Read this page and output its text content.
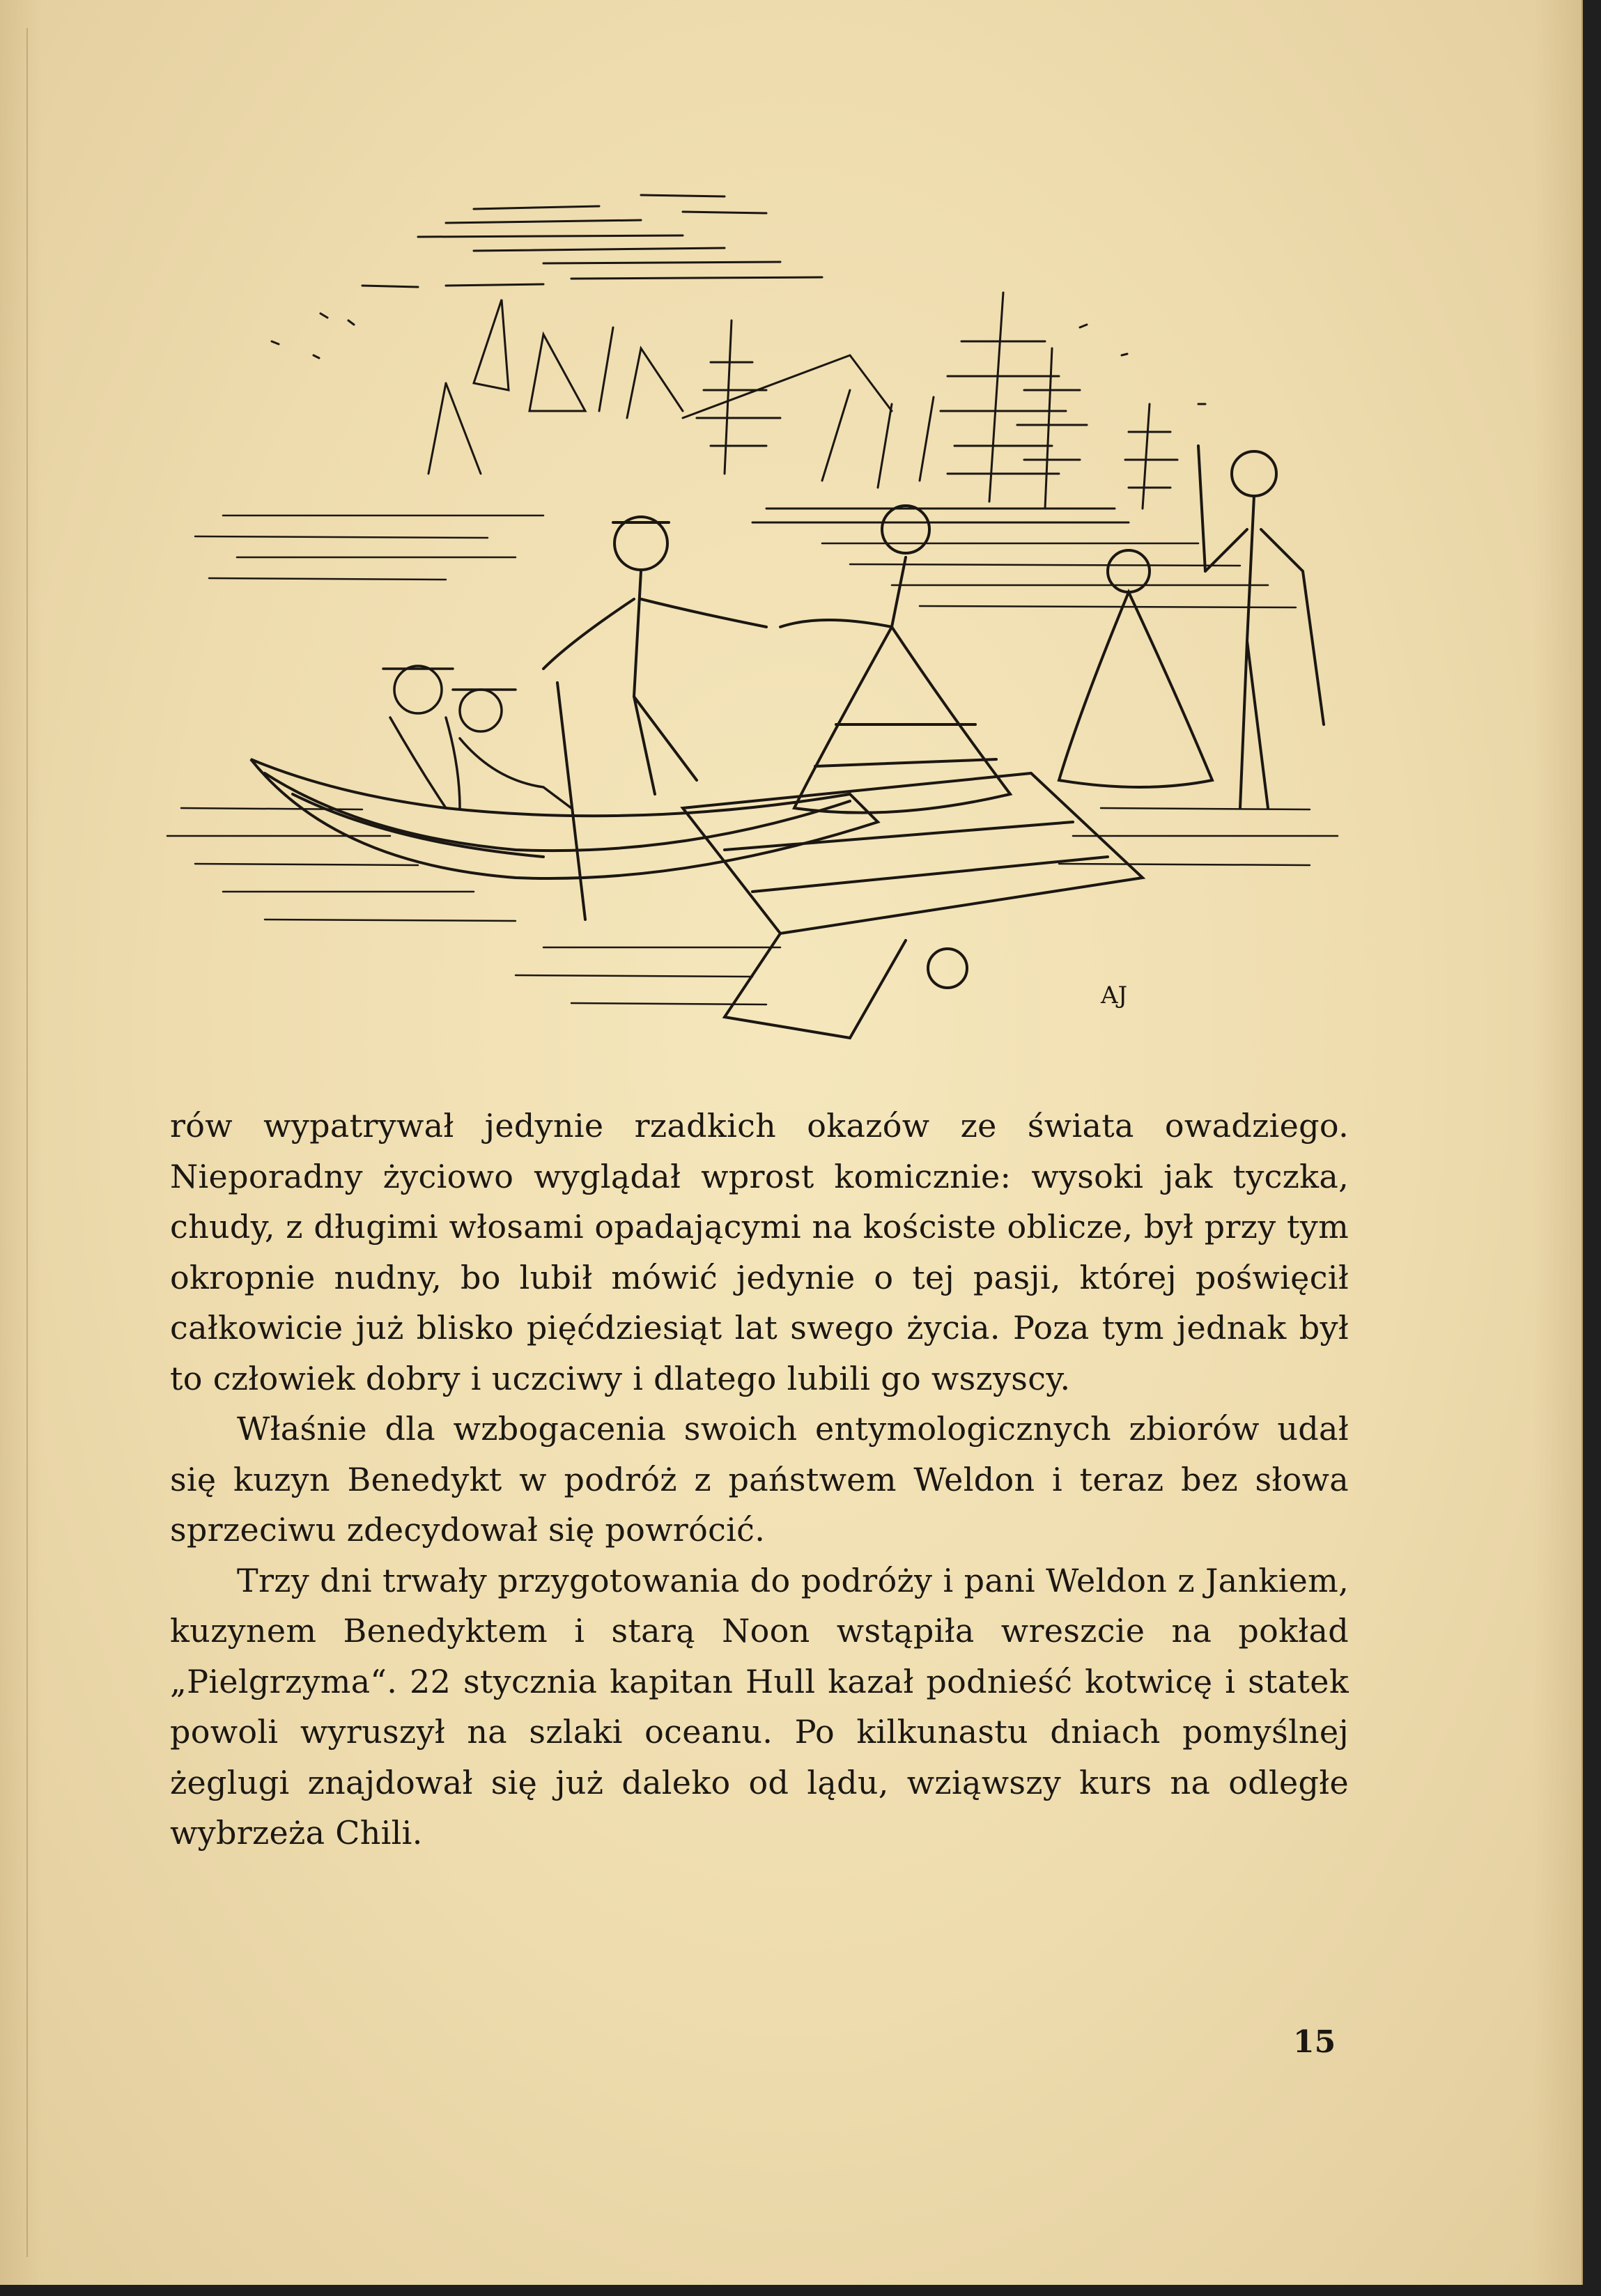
AJ

rów wypatrywał jedynie rzadkich okazów ze świata owadziego. Nieporadny życiowo wyglądał wprost komicznie: wysoki jak tyczka, chudy, z długimi włosami opadającymi na kościste oblicze, był przy tym okropnie nudny, bo lubił mówić jedynie o tej pasji, której poświęcił całkowicie już blisko pięćdziesiąt lat swego życia. Poza tym jednak był to człowiek dobry i uczciwy i dlatego lubili go wszyscy.

Właśnie dla wzbogacenia swoich entymologicznych zbiorów udał się kuzyn Benedykt w podróż z państwem Weldon i teraz bez słowa sprzeciwu zdecydował się powrócić.

Trzy dni trwały przygotowania do podróży i pani Weldon z Jankiem, kuzynem Benedyktem i starą Noon wstąpiła wreszcie na pokład „Pielgrzyma“. 22 stycznia kapitan Hull kazał podnieść kotwicę i statek powoli wyruszył na szlaki oceanu. Po kilkunastu dniach pomyślnej żeglugi znajdował się już daleko od lądu, wziąwszy kurs na odległe wybrzeża Chili.

15
